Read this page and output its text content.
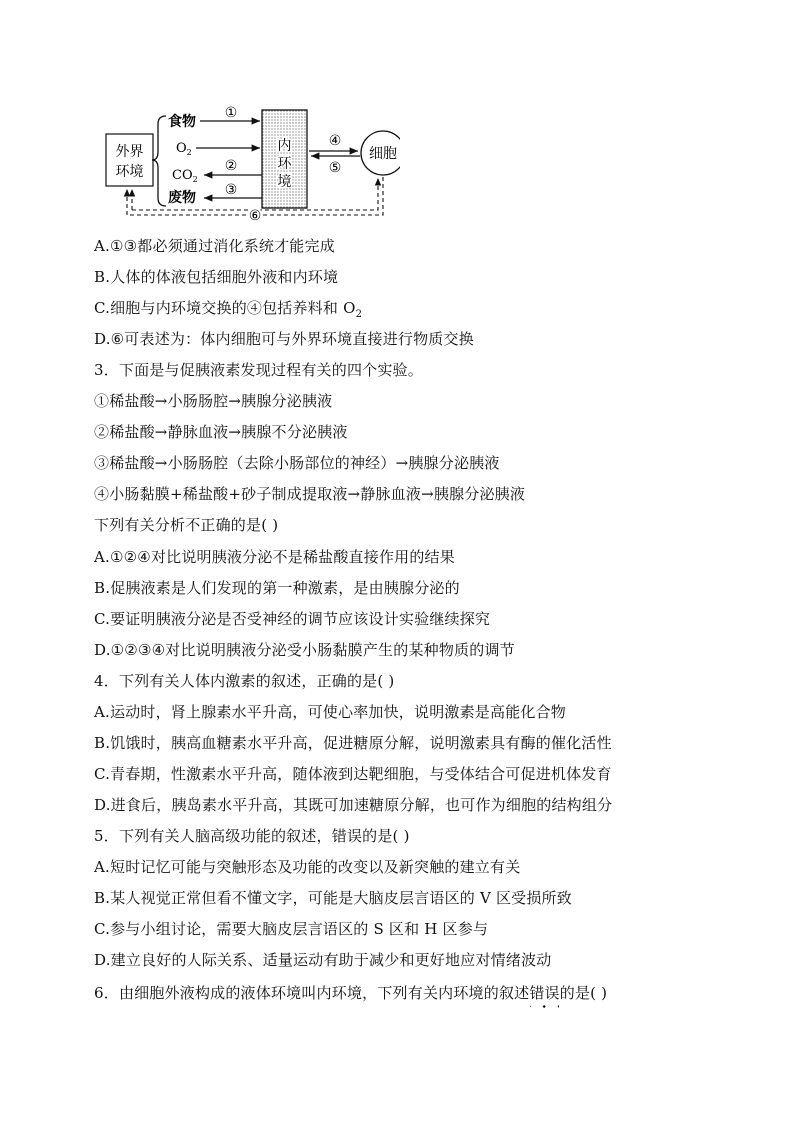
外界
环境
食物
$O_2$
$CO_2$
废物
内
环
境
①
②
③
④
⑤
细胞
⑥
A.①③都必须通过消化系统才能完成
B.人体的体液包括细胞外液和内环境
C.细胞与内环境交换的④包括养料和 $O_2$
D.⑥可表述为：体内细胞可与外界环境直接进行物质交换
3．下面是与促胰液素发现过程有关的四个实验。
①稀盐酸→小肠肠腔→胰腺分泌胰液
②稀盐酸→静脉血液→胰腺不分泌胰液
③稀盐酸→小肠肠腔（去除小肠部位的神经）→胰腺分泌胰液
④小肠黏膜+稀盐酸+砂子制成提取液→静脉血液→胰腺分泌胰液
下列有关分析不正确的是( )
A.①②④对比说明胰液分泌不是稀盐酸直接作用的结果
B.促胰液素是人们发现的第一种激素，是由胰腺分泌的
C.要证明胰液分泌是否受神经的调节应该设计实验继续探究
D.①②③④对比说明胰液分泌受小肠黏膜产生的某种物质的调节
4．下列有关人体内激素的叙述，正确的是( )
A.运动时，肾上腺素水平升高，可使心率加快，说明激素是高能化合物
B.饥饿时，胰高血糖素水平升高，促进糖原分解，说明激素具有酶的催化活性
C.青春期，性激素水平升高，随体液到达靶细胞，与受体结合可促进机体发育
D.进食后，胰岛素水平升高，其既可加速糖原分解，也可作为细胞的结构组分
5．下列有关人脑高级功能的叙述，错误的是( )
A.短时记忆可能与突触形态及功能的改变以及新突触的建立有关
B.某人视觉正常但看不懂文字，可能是大脑皮层言语区的 V 区受损所致
C.参与小组讨论，需要大脑皮层言语区的 S 区和 H 区参与
D.建立良好的人际关系、适量运动有助于减少和更好地应对情绪波动
6．由细胞外液构成的液体环境叫内环境，下列有关内环境的叙述错误的是( )
